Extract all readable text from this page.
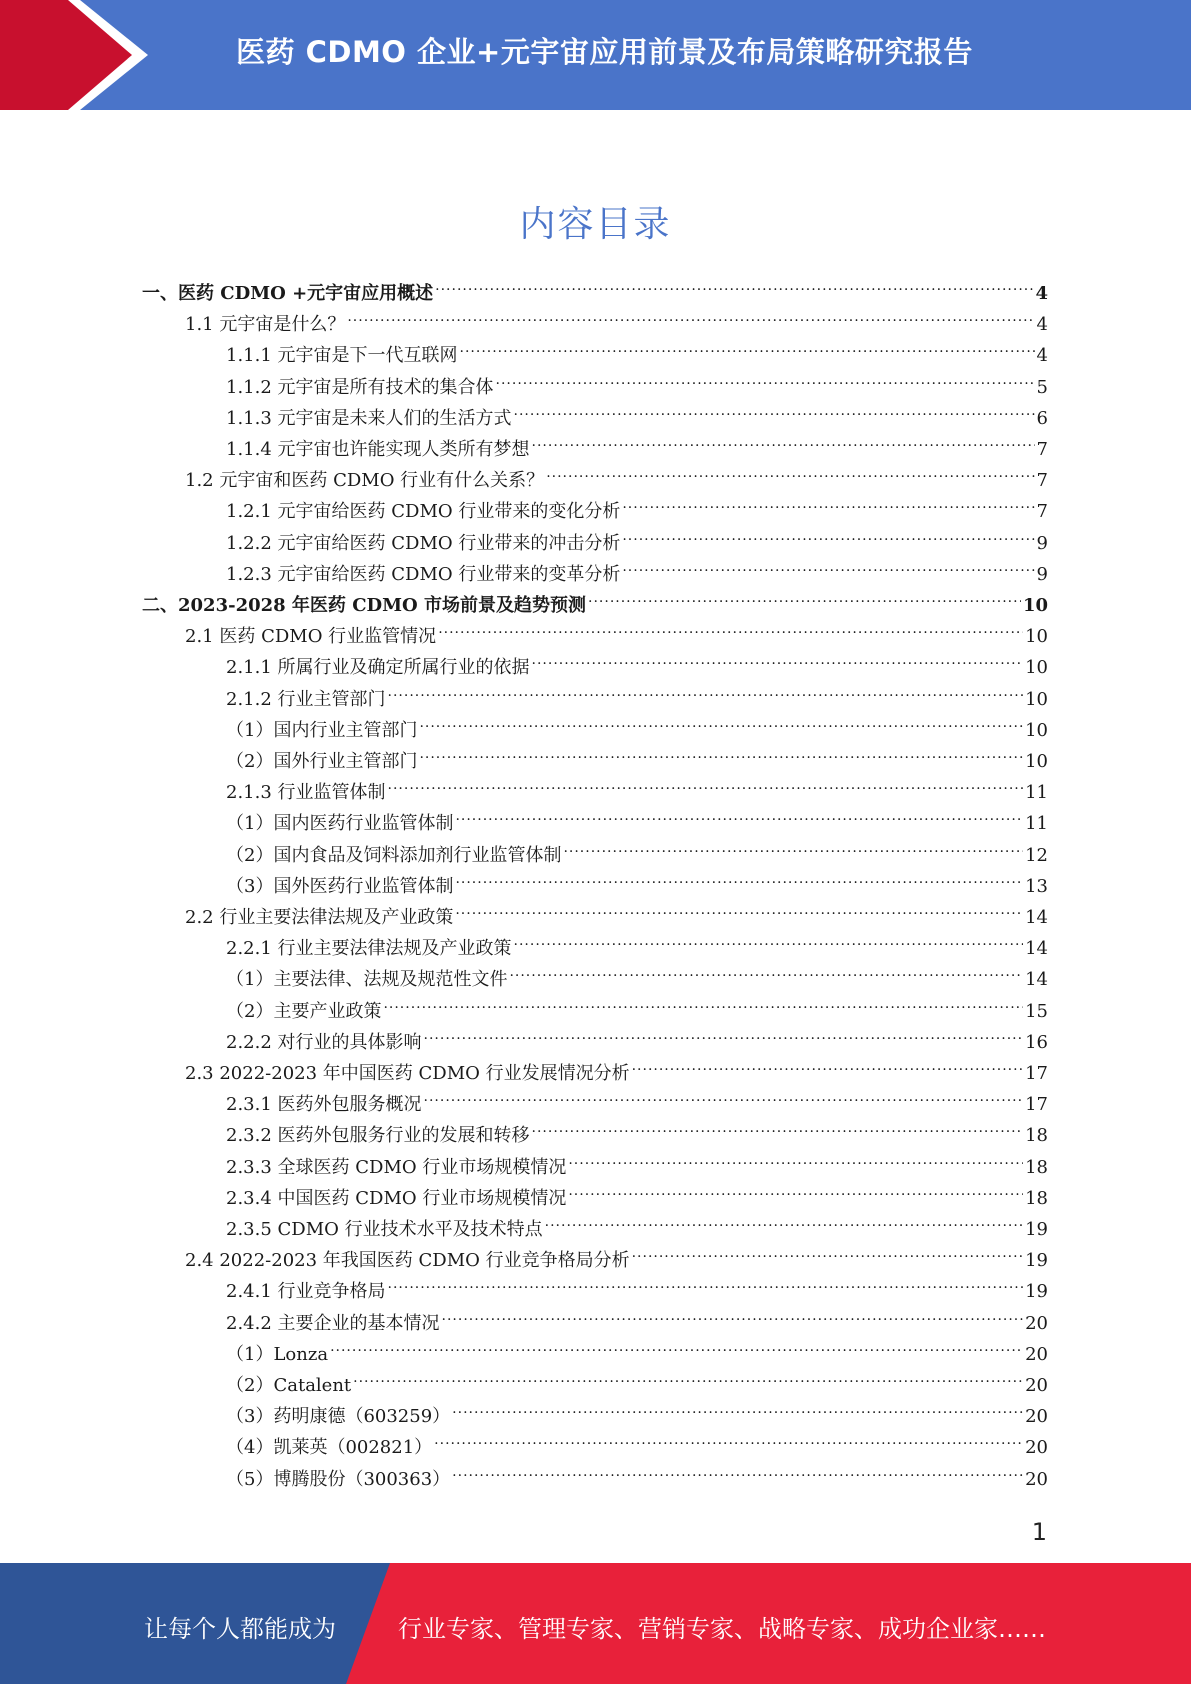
医药 CDMO 企业+元宇宙应用前景及布局策略研究报告
内容目录
一、医药 CDMO +元宇宙应用概述 .....	4
1.1 元宇宙是什么？ .....	4
1.1.1 元宇宙是下一代互联网 .....	4
1.1.2 元宇宙是所有技术的集合体 .....	5
1.1.3 元宇宙是未来人们的生活方式 .....	6
1.1.4 元宇宙也许能实现人类所有梦想 .....	7
1.2 元宇宙和医药 CDMO 行业有什么关系？ .....	7
1.2.1 元宇宙给医药 CDMO 行业带来的变化分析 .....	7
1.2.2 元宇宙给医药 CDMO 行业带来的冲击分析 .....	9
1.2.3 元宇宙给医药 CDMO 行业带来的变革分析 .....	9
二、2023-2028 年医药 CDMO 市场前景及趋势预测 .....	10
2.1 医药 CDMO 行业监管情况 .....	10
2.1.1 所属行业及确定所属行业的依据 .....	10
2.1.2 行业主管部门 .....	10
（1）国内行业主管部门 .....	10
（2）国外行业主管部门 .....	10
2.1.3 行业监管体制 .....	11
（1）国内医药行业监管体制 .....	11
（2）国内食品及饲料添加剂行业监管体制 .....	12
（3）国外医药行业监管体制 .....	13
2.2 行业主要法律法规及产业政策 .....	14
2.2.1 行业主要法律法规及产业政策 .....	14
（1）主要法律、法规及规范性文件 .....	14
（2）主要产业政策 .....	15
2.2.2 对行业的具体影响 .....	16
2.3 2022-2023 年中国医药 CDMO 行业发展情况分析 .....	17
2.3.1 医药外包服务概况 .....	17
2.3.2 医药外包服务行业的发展和转移 .....	18
2.3.3 全球医药 CDMO 行业市场规模情况 .....	18
2.3.4 中国医药 CDMO 行业市场规模情况 .....	18
2.3.5 CDMO 行业技术水平及技术特点 .....	19
2.4 2022-2023 年我国医药 CDMO 行业竞争格局分析 .....	19
2.4.1 行业竞争格局 .....	19
2.4.2 主要企业的基本情况 .....	20
（1）Lonza .....	20
（2）Catalent .....	20
（3）药明康德（603259） .....	20
（4）凯莱英（002821） .....	20
（5）博腾股份（300363） .....	20
1
让每个人都能成为	行业专家、管理专家、营销专家、战略专家、成功企业家……
